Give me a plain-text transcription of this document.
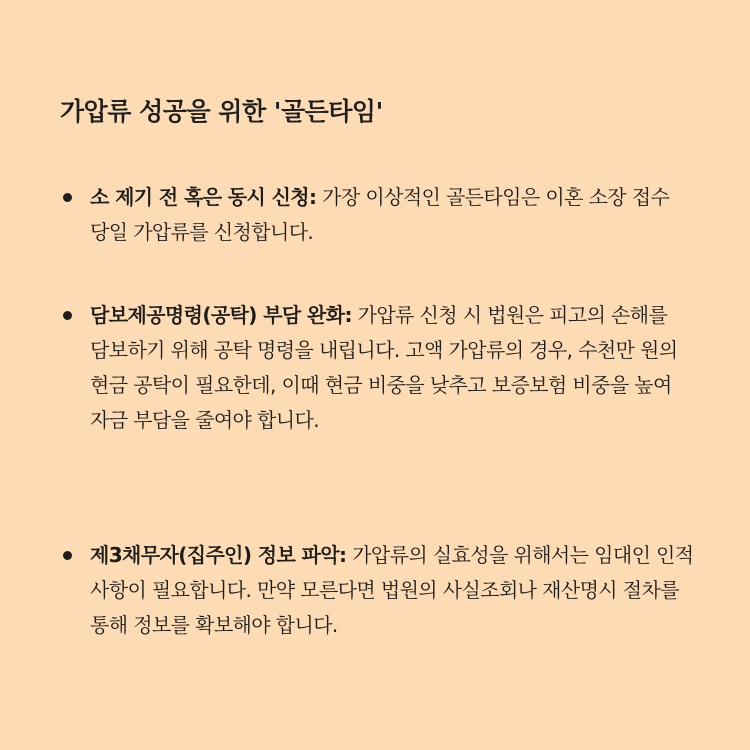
가압류 성공을 위한 '골든타임'
소 제기 전 혹은 동시 신청: 가장 이상적인 골든타임은 이혼 소장 접수 당일 가압류를 신청합니다.
담보제공명령(공탁) 부담 완화: 가압류 신청 시 법원은 피고의 손해를 담보하기 위해 공탁 명령을 내립니다. 고액 가압류의 경우, 수천만 원의 현금 공탁이 필요한데, 이때 현금 비중을 낮추고 보증보험 비중을 높여 자금 부담을 줄여야 합니다.
제3채무자(집주인) 정보 파악: 가압류의 실효성을 위해서는 임대인 인적 사항이 필요합니다. 만약 모른다면 법원의 사실조회나 재산명시 절차를 통해 정보를 확보해야 합니다.
